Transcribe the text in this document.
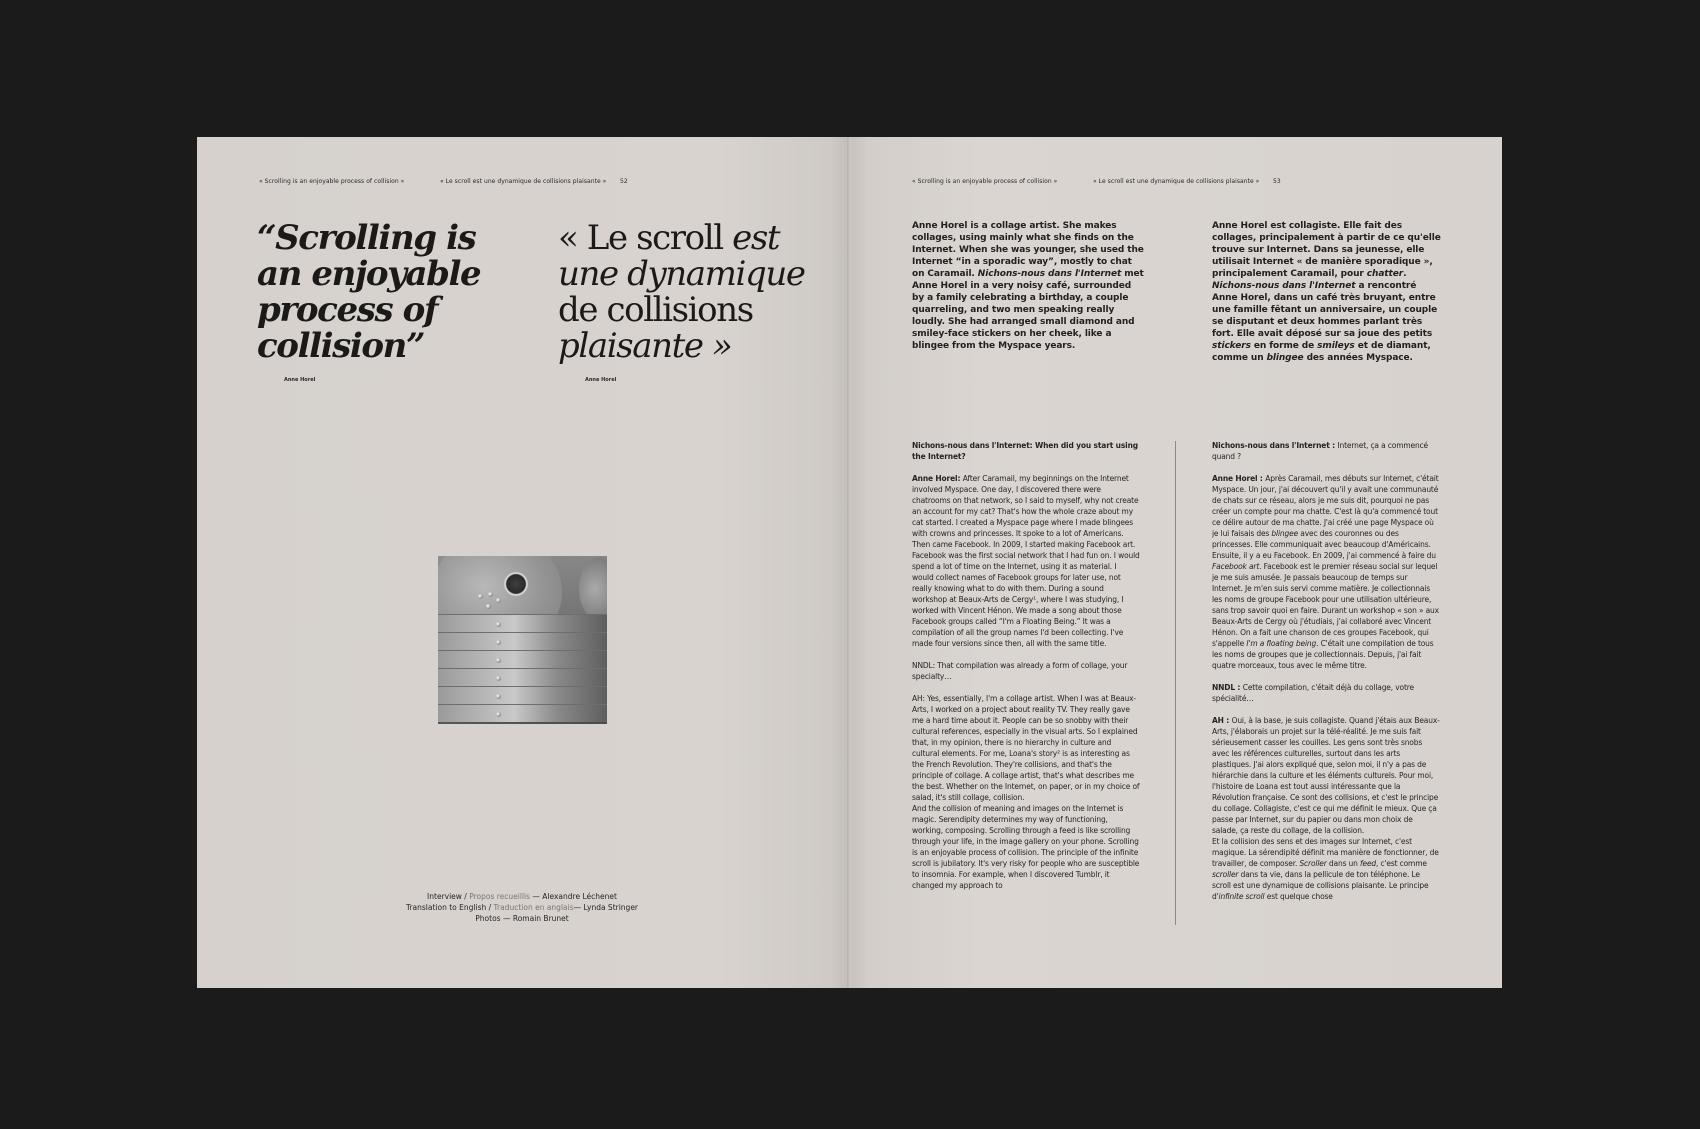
« Scrolling is an enjoyable process of collision »	« Le scroll est une dynamique de collisions plaisante » 52
“Scrolling is
an enjoyable
process of
collision”
« Le scroll est
une dynamique
de collisions
plaisante »
Anne Horel	Anne Horel
Interview / Propos recueillis — Alexandre Léchenet
Translation to English / Traduction en anglais— Lynda Stringer
Photos — Romain Brunet
« Scrolling is an enjoyable process of collision »	« Le scroll est une dynamique de collisions plaisante » 53
Anne Horel is a collage artist. She makes collages, using mainly what she finds on the Internet. When she was younger, she used the Internet “in a sporadic way”, mostly to chat on Caramail. Nichons-nous dans l'Internet met Anne Horel in a very noisy café, surrounded by a family celebrating a birthday, a couple quarreling, and two men speaking really loudly. She had arranged small diamond and smiley-face stickers on her cheek, like a blingee from the Myspace years.
Anne Horel est collagiste. Elle fait des collages, principalement à partir de ce qu'elle trouve sur Internet. Dans sa jeunesse, elle utilisait Internet « de manière sporadique », principalement Caramail, pour chatter. Nichons-nous dans l'Internet a rencontré Anne Horel, dans un café très bruyant, entre une famille fêtant un anniversaire, un couple se disputant et deux hommes parlant très fort. Elle avait déposé sur sa joue des petits stickers en forme de smileys et de diamant, comme un blingee des années Myspace.

Nichons-nous dans l'Internet: When did you start using the Internet?

Anne Horel: After Caramail, my beginnings on the Internet involved Myspace. One day, I discovered there were chatrooms on that network, so I said to myself, why not create an account for my cat? That's how the whole craze about my cat started. I created a Myspace page where I made blingees with crowns and princesses. It spoke to a lot of Americans.
Then came Facebook. In 2009, I started making Facebook art. Facebook was the first social network that I had fun on. I would spend a lot of time on the Internet, using it as material. I would collect names of Facebook groups for later use, not really knowing what to do with them. During a sound workshop at Beaux-Arts de Cergy¹, where I was studying, I worked with Vincent Hénon. We made a song about those Facebook groups called “I'm a Floating Being.” It was a compilation of all the group names I'd been collecting. I've made four versions since then, all with the same title.

NNDL: That compilation was already a form of collage, your specialty…

AH: Yes, essentially, I'm a collage artist. When I was at Beaux-Arts, I worked on a project about reality TV. They really gave me a hard time about it. People can be so snobby with their cultural references, especially in the visual arts. So I explained that, in my opinion, there is no hierarchy in culture and cultural elements. For me, Loana's story² is as interesting as the French Revolution. They're collisions, and that's the principle of collage. A collage artist, that's what describes me the best. Whether on the Internet, on paper, or in my choice of salad, it's still collage, collision.
And the collision of meaning and images on the Internet is magic. Serendipity determines my way of functioning, working, composing. Scrolling through a feed is like scrolling through your life, in the image gallery on your phone. Scrolling is an enjoyable process of collision. The principle of the infinite scroll is jubilatory. It's very risky for people who are susceptible to insomnia. For example, when I discovered Tumblr, it changed my approach to

Nichons-nous dans l'Internet : Internet, ça a commencé quand ?

Anne Horel : Après Caramail, mes débuts sur Internet, c'était Myspace. Un jour, j'ai découvert qu'il y avait une communauté de chats sur ce réseau, alors je me suis dit, pourquoi ne pas créer un compte pour ma chatte. C'est là qu'a commencé tout ce délire autour de ma chatte. J'ai créé une page Myspace où je lui faisais des blingee avec des couronnes ou des princesses. Elle communiquait avec beaucoup d'Américains.
Ensuite, il y a eu Facebook. En 2009, j'ai commencé à faire du Facebook art. Facebook est le premier réseau social sur lequel je me suis amusée. Je passais beaucoup de temps sur Internet. Je m'en suis servi comme matière. Je collectionnais les noms de groupe Facebook pour une utilisation ultérieure, sans trop savoir quoi en faire. Durant un workshop « son » aux Beaux-Arts de Cergy où j'étudiais, j'ai collaboré avec Vincent Hénon. On a fait une chanson de ces groupes Facebook, qui s'appelle I'm a floating being. C'était une compilation de tous les noms de groupes que je collectionnais. Depuis, j'ai fait quatre morceaux, tous avec le même titre.

NNDL : Cette compilation, c'était déjà du collage, votre spécialité…

AH : Oui, à la base, je suis collagiste. Quand j'étais aux Beaux-Arts, j'élaborais un projet sur la télé-réalité. Je me suis fait sérieusement casser les couilles. Les gens sont très snobs avec les références culturelles, surtout dans les arts plastiques. J'ai alors expliqué que, selon moi, il n'y a pas de hiérarchie dans la culture et les éléments culturels. Pour moi, l'histoire de Loana est tout aussi intéressante que la Révolution française. Ce sont des collisions, et c'est le principe du collage. Collagiste, c'est ce qui me définit le mieux. Que ça passe par Internet, sur du papier ou dans mon choix de salade, ça reste du collage, de la collision.
Et la collision des sens et des images sur Internet, c'est magique. La sérendipité définit ma manière de fonctionner, de travailler, de composer. Scroller dans un feed, c'est comme scroller dans ta vie, dans la pellicule de ton téléphone. Le scroll est une dynamique de collisions plaisante. Le principe d'infinite scroll est quelque chose
